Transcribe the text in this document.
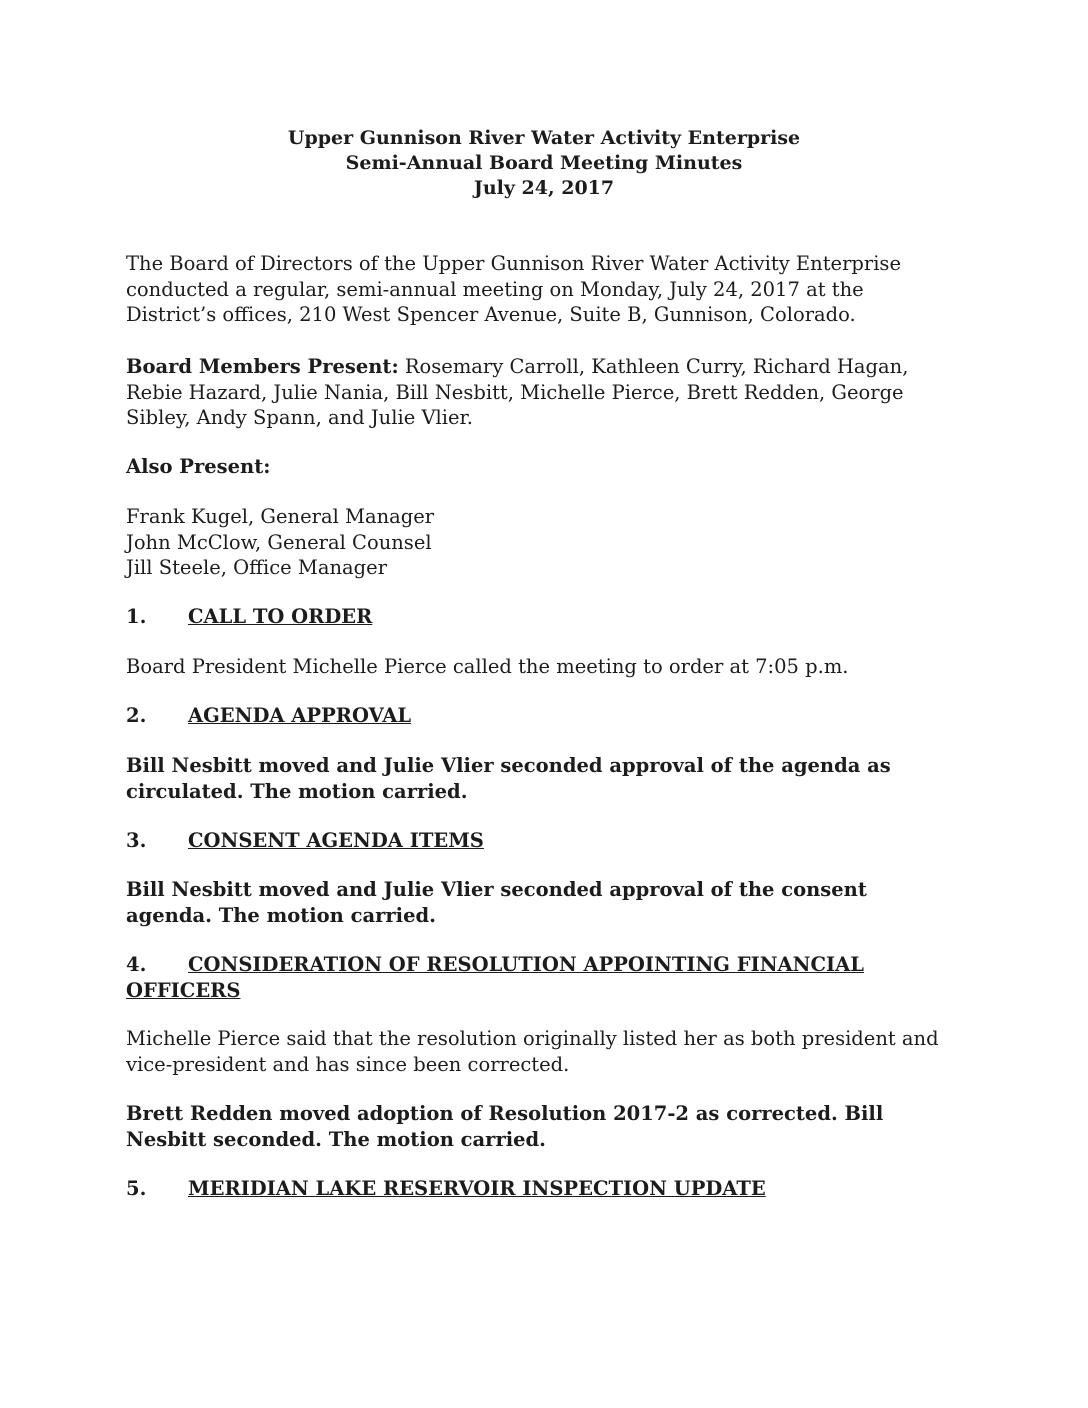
Upper Gunnison River Water Activity Enterprise
Semi-Annual Board Meeting Minutes
July 24, 2017

The Board of Directors of the Upper Gunnison River Water Activity Enterprise conducted a regular, semi-annual meeting on Monday, July 24, 2017 at the District’s offices, 210 West Spencer Avenue, Suite B, Gunnison, Colorado.

Board Members Present: Rosemary Carroll, Kathleen Curry, Richard Hagan, Rebie Hazard, Julie Nania, Bill Nesbitt, Michelle Pierce, Brett Redden, George Sibley, Andy Spann, and Julie Vlier.

Also Present:

Frank Kugel, General Manager
John McClow, General Counsel
Jill Steele, Office Manager

1. CALL TO ORDER

Board President Michelle Pierce called the meeting to order at 7:05 p.m.

2. AGENDA APPROVAL

Bill Nesbitt moved and Julie Vlier seconded approval of the agenda as circulated. The motion carried.

3. CONSENT AGENDA ITEMS

Bill Nesbitt moved and Julie Vlier seconded approval of the consent agenda. The motion carried.

4. CONSIDERATION OF RESOLUTION APPOINTING FINANCIAL OFFICERS

Michelle Pierce said that the resolution originally listed her as both president and vice-president and has since been corrected.

Brett Redden moved adoption of Resolution 2017-2 as corrected. Bill Nesbitt seconded. The motion carried.

5. MERIDIAN LAKE RESERVOIR INSPECTION UPDATE
